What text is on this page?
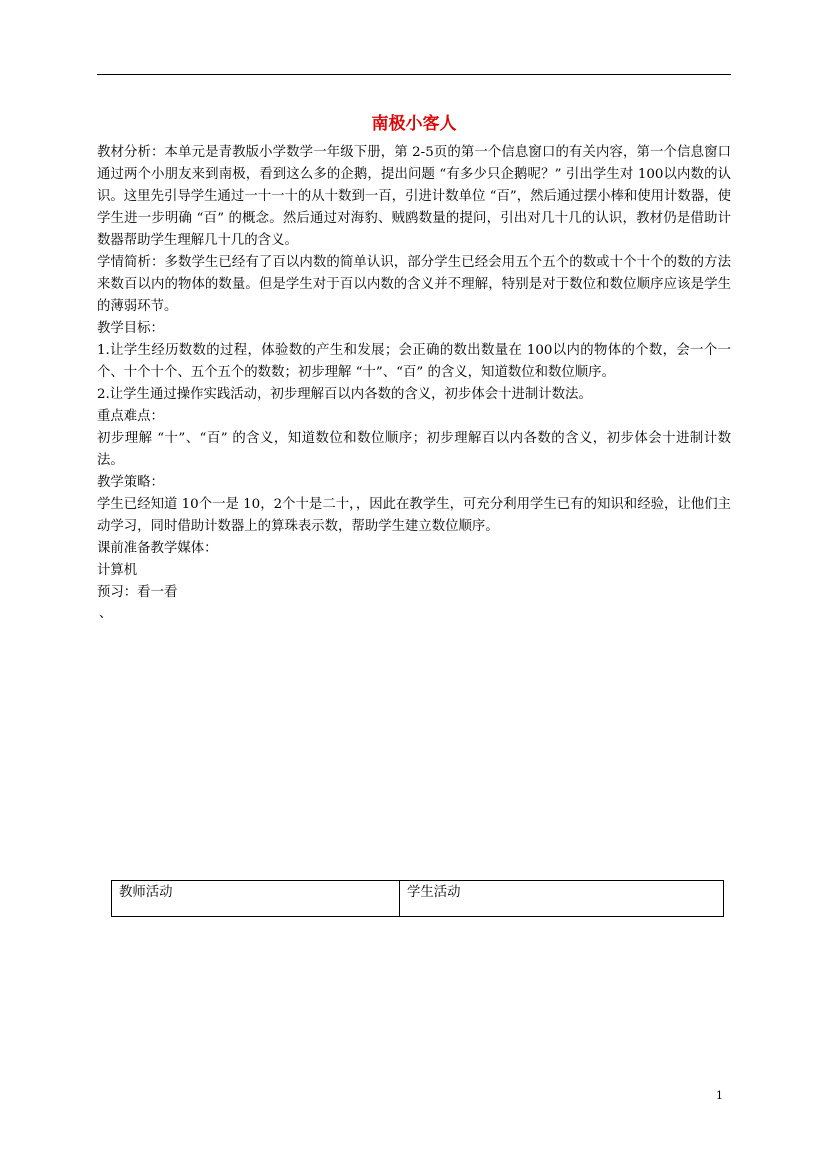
南极小客人

教材分析：本单元是青教版小学数学一年级下册，第 2-5页的第一个信息窗口的有关内容，第一个信息窗口通过两个小朋友来到南极，看到这么多的企鹅，提出问题 “有多少只企鹅呢？” 引出学生对 100以内数的认识。这里先引导学生通过一十一十的从十数到一百，引进计数单位 “百”，然后通过摆小棒和使用计数器，使学生进一步明确 “百” 的概念。然后通过对海豹、贼鸥数量的提问，引出对几十几的认识，教材仍是借助计数器帮助学生理解几十几的含义。

学情简析：多数学生已经有了百以内数的简单认识，部分学生已经会用五个五个的数或十个十个的数的方法来数百以内的物体的数量。但是学生对于百以内数的含义并不理解，特别是对于数位和数位顺序应该是学生的薄弱环节。

教学目标：

1.让学生经历数数的过程，体验数的产生和发展；会正确的数出数量在 100以内的物体的个数，会一个一个、十个十个、五个五个的数数；初步理解 “十”、“百” 的含义，知道数位和数位顺序。

2.让学生通过操作实践活动，初步理解百以内各数的含义，初步体会十进制计数法。

重点难点：

初步理解 “十”、“百” 的含义，知道数位和数位顺序；初步理解百以内各数的含义，初步体会十进制计数法。

教学策略：

学生已经知道 10个一是 10，2个十是二十，，因此在教学生，可充分利用学生已有的知识和经验，让他们主动学习，同时借助计数器上的算珠表示数，帮助学生建立数位顺序。

课前准备教学媒体：

计算机

预习：看一看

、
教师活动	学生活动
1
